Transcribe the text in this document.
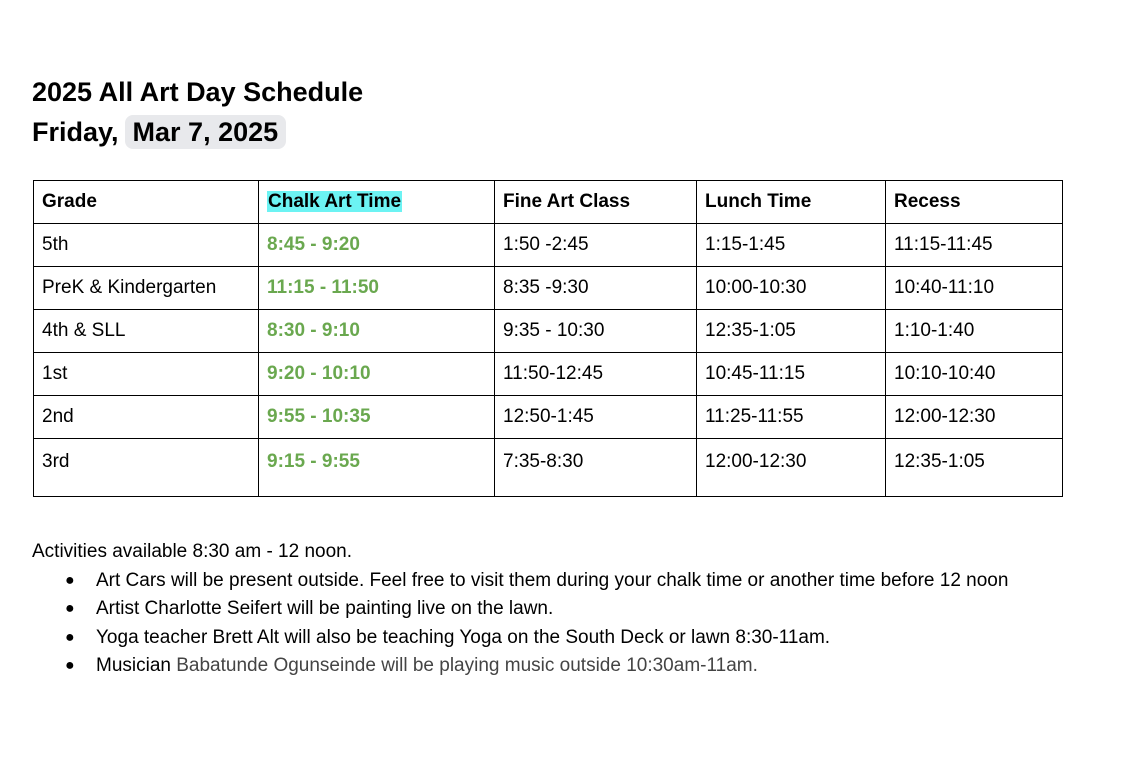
2025 All Art Day Schedule
Friday, Mar 7, 2025
Grade	Chalk Art Time	Fine Art Class	Lunch Time	Recess
5th	8:45 - 9:20	1:50 -2:45	1:15-1:45	11:15-11:45
PreK & Kindergarten	11:15 - 11:50	8:35 -9:30	10:00-10:30	10:40-11:10
4th & SLL	8:30 - 9:10	9:35 - 10:30	12:35-1:05	1:10-1:40
1st	9:20 - 10:10	11:50-12:45	10:45-11:15	10:10-10:40
2nd	9:55 - 10:35	12:50-1:45	11:25-11:55	12:00-12:30
3rd	9:15 - 9:55	7:35-8:30	12:00-12:30	12:35-1:05
Activities available 8:30 am - 12 noon.
● Art Cars will be present outside. Feel free to visit them during your chalk time or another time before 12 noon
● Artist Charlotte Seifert will be painting live on the lawn.
● Yoga teacher Brett Alt will also be teaching Yoga on the South Deck or lawn 8:30-11am.
● Musician Babatunde Ogunseinde will be playing music outside 10:30am-11am.
